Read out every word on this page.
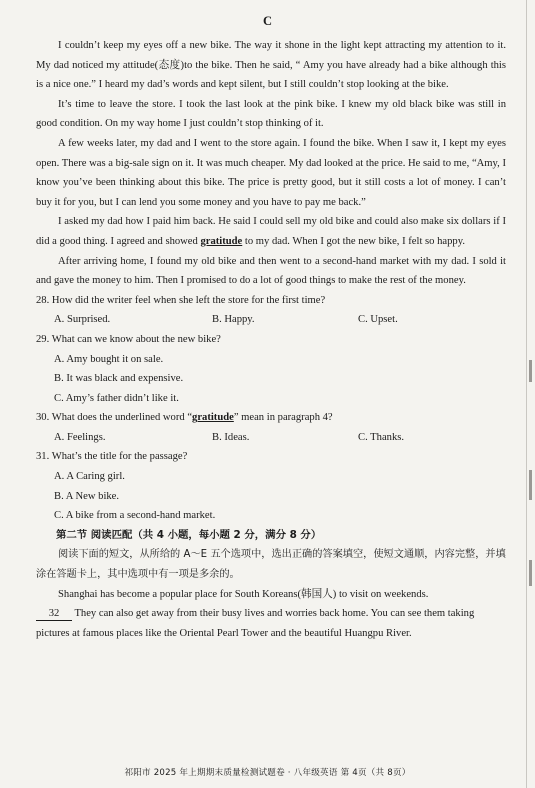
C

I couldn’t keep my eyes off a new bike. The way it shone in the light kept attracting my attention to it. My dad noticed my attitude(态度)to the bike. Then he said, “ Amy you have already had a bike although this is a nice one.” I heard my dad’s words and kept silent, but I still couldn’t stop looking at the bike.

It’s time to leave the store. I took the last look at the pink bike. I knew my old black bike was still in good condition. On my way home I just couldn’t stop thinking of it.

A few weeks later, my dad and I went to the store again. I found the bike. When I saw it, I kept my eyes open. There was a big-sale sign on it. It was much cheaper. My dad looked at the price. He said to me, “Amy, I know you’ve been thinking about this bike. The price is pretty good, but it still costs a lot of money. I can’t buy it for you, but I can lend you some money and you have to pay me back.”

I asked my dad how I paid him back. He said I could sell my old bike and could also make six dollars if I did a good thing. I agreed and showed gratitude to my dad. When I got the new bike, I felt so happy.

After arriving home, I found my old bike and then went to a second-hand market with my dad. I sold it and gave the money to him. Then I promised to do a lot of good things to make the rest of the money.

28. How did the writer feel when she left the store for the first time?

A. Surprised.	B. Happy.	C. Upset.

29. What can we know about the new bike?

A. Amy bought it on sale.

B. It was black and expensive.

C. Amy’s father didn’t like it.

30. What does the underlined word “gratitude” mean in paragraph 4?

A. Feelings.	B. Ideas.	C. Thanks.

31. What’s the title for the passage?

A. A Caring girl.

B. A New bike.

C. A bike from a second-hand market.

第二节 阅读匹配（共 4 小题，每小题 2 分，满分 8 分）

阅读下面的短文，从所给的 A～E 五个选项中，选出正确的答案填空，使短文通顺，内容完整，并填涂在答题卡上，其中选项中有一项是多余的。

Shanghai has become a popular place for South Koreans(韩国人) to visit on weekends.

32 They can also get away from their busy lives and worries back home. You can see them taking pictures at famous places like the Oriental Pearl Tower and the beautiful Huangpu River.

祁阳市 2025 年上期期末质量检测试题卷 · 八年级英语 第 4页（共 8页）
